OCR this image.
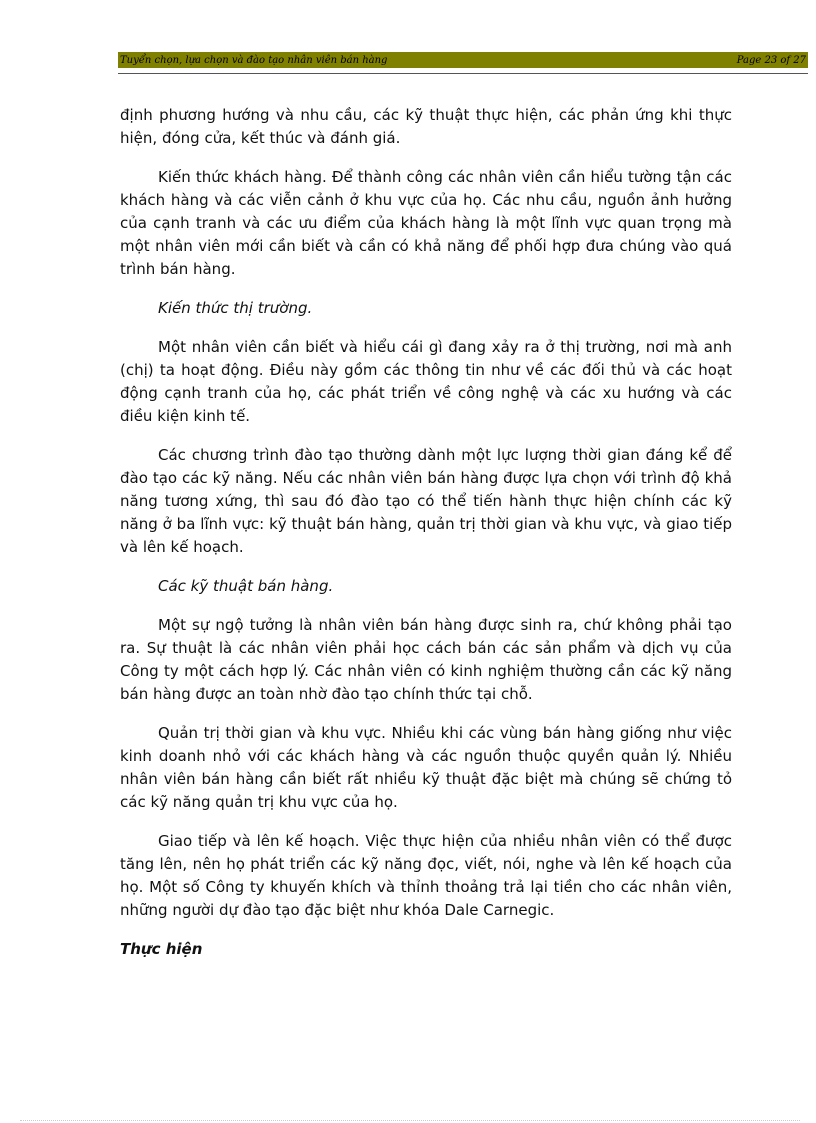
Tuyển chọn, lựa chọn và đào tạo nhân viên bán hàng	Page 23 of 27

định phương hướng và nhu cầu, các kỹ thuật thực hiện, các phản ứng khi thực hiện, đóng cửa, kết thúc và đánh giá.

Kiến thức khách hàng. Để thành công các nhân viên cần hiểu tường tận các khách hàng và các viễn cảnh ở khu vực của họ. Các nhu cầu, nguồn ảnh hưởng của cạnh tranh và các ưu điểm của khách hàng là một lĩnh vực quan trọng mà một nhân viên mới cần biết và cần có khả năng để phối hợp đưa chúng vào quá trình bán hàng.

Kiến thức thị trường.

Một nhân viên cần biết và hiểu cái gì đang xảy ra ở thị trường, nơi mà anh (chị) ta hoạt động. Điều này gồm các thông tin như về các đối thủ và các hoạt động cạnh tranh của họ, các phát triển về công nghệ và các xu hướng và các điều kiện kinh tế.

Các chương trình đào tạo thường dành một lực lượng thời gian đáng kể để đào tạo các kỹ năng. Nếu các nhân viên bán hàng được lựa chọn với trình độ khả năng tương xứng, thì sau đó đào tạo có thể tiến hành thực hiện chính các kỹ năng ở ba lĩnh vực: kỹ thuật bán hàng, quản trị thời gian và khu vực, và giao tiếp và lên kế hoạch.

Các kỹ thuật bán hàng.

Một sự ngộ tưởng là nhân viên bán hàng được sinh ra, chứ không phải tạo ra. Sự thuật là các nhân viên phải học cách bán các sản phẩm và dịch vụ của Công ty một cách hợp lý. Các nhân viên có kinh nghiệm thường cần các kỹ năng bán hàng được an toàn nhờ đào tạo chính thức tại chỗ.

Quản trị thời gian và khu vực. Nhiều khi các vùng bán hàng giống như việc kinh doanh nhỏ với các khách hàng và các nguồn thuộc quyền quản lý. Nhiều nhân viên bán hàng cần biết rất nhiều kỹ thuật đặc biệt mà chúng sẽ chứng tỏ các kỹ năng quản trị khu vực của họ.

Giao tiếp và lên kế hoạch. Việc thực hiện của nhiều nhân viên có thể được tăng lên, nên họ phát triển các kỹ năng đọc, viết, nói, nghe và lên kế hoạch của họ. Một số Công ty khuyến khích và thỉnh thoảng trả lại tiền cho các nhân viên, những người dự đào tạo đặc biệt như khóa Dale Carnegic.

Thực hiện
